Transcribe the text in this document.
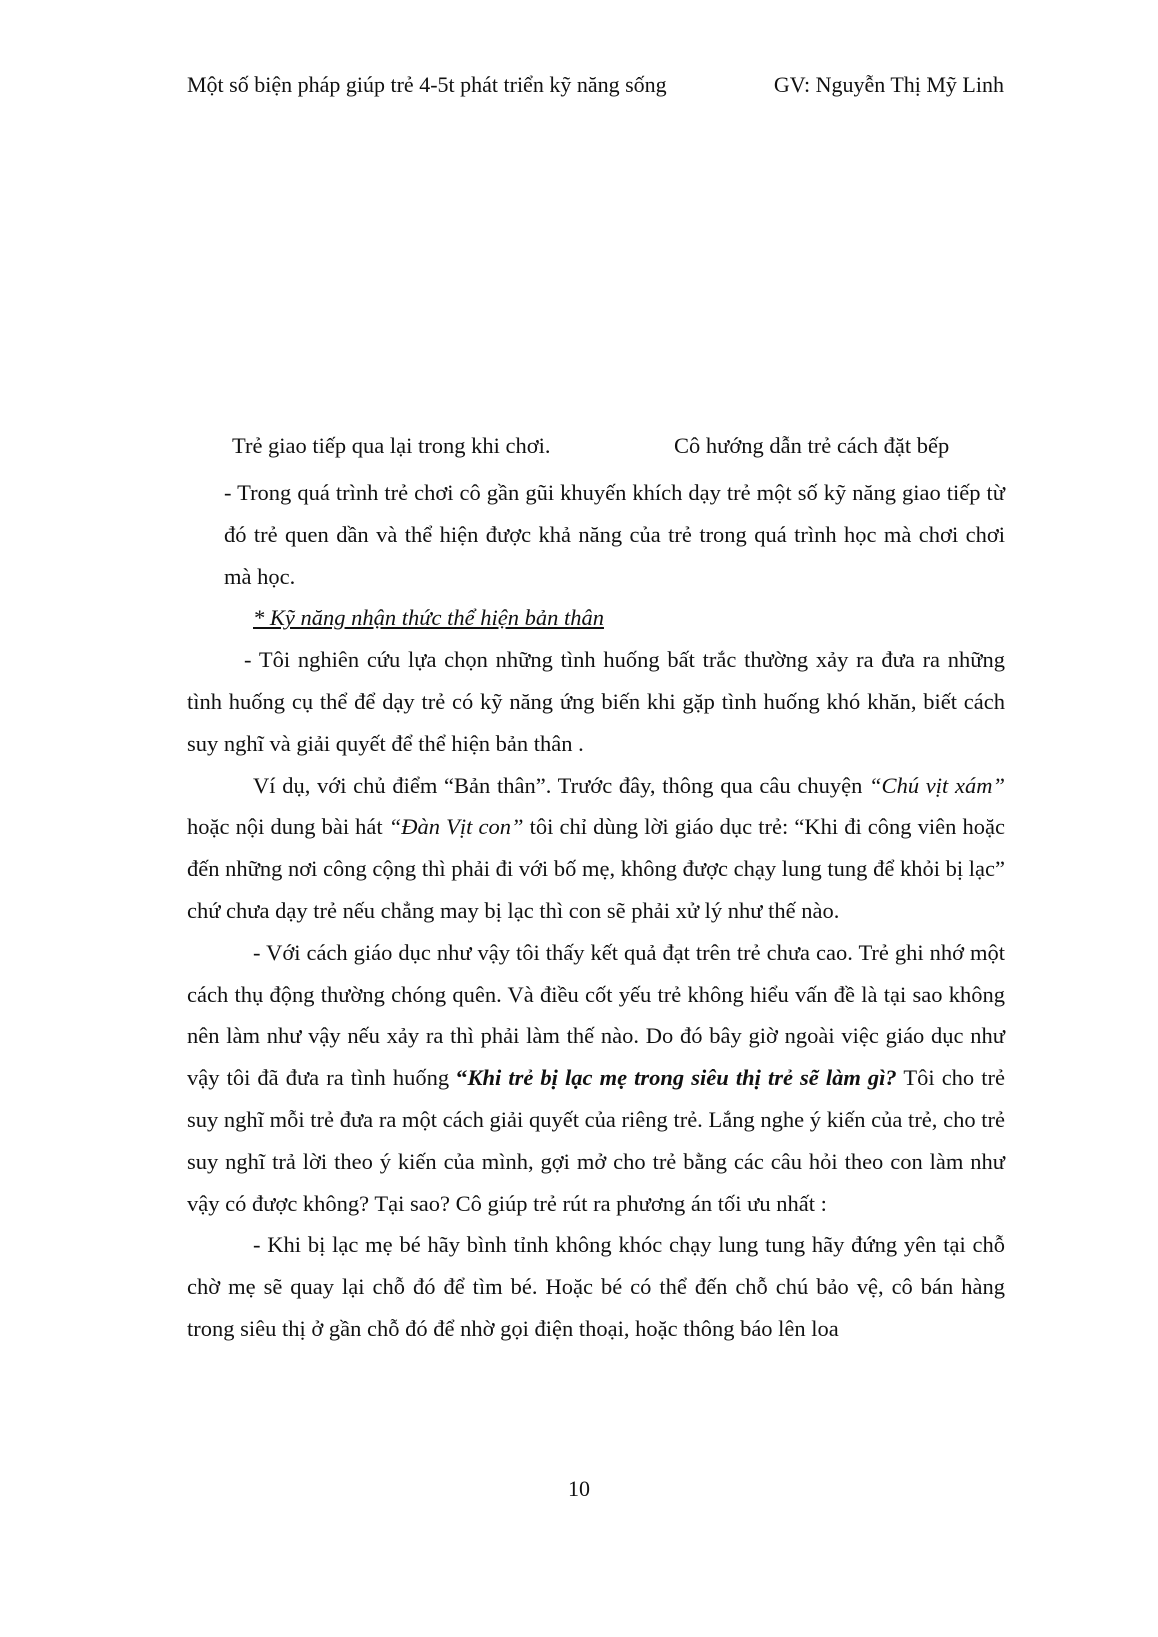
Một số biện pháp giúp trẻ 4-5t phát triển kỹ năng sống	GV: Nguyễn Thị Mỹ Linh
Trẻ giao tiếp qua lại trong khi chơi.	Cô hướng dẫn trẻ cách đặt bếp

- Trong quá trình trẻ chơi cô gần gũi khuyến khích dạy trẻ một số kỹ năng giao tiếp từ đó trẻ quen dần và thể hiện được khả năng của trẻ trong quá trình học mà chơi chơi mà học.

* Kỹ năng nhận thức thể hiện bản thân

- Tôi nghiên cứu lựa chọn những tình huống bất trắc thường xảy ra đưa ra những tình huống cụ thể để dạy trẻ có kỹ năng ứng biến khi gặp tình huống khó khăn, biết cách suy nghĩ và giải quyết để thể hiện bản thân .

Ví dụ, với chủ điểm “Bản thân”. Trước đây, thông qua câu chuyện “Chú vịt xám” hoặc nội dung bài hát “Đàn Vịt con” tôi chỉ dùng lời giáo dục trẻ: “Khi đi công viên hoặc đến những nơi công cộng thì phải đi với bố mẹ, không được chạy lung tung để khỏi bị lạc” chứ chưa dạy trẻ nếu chẳng may bị lạc thì con sẽ phải xử lý như thế nào.

- Với cách giáo dục như vậy tôi thấy kết quả đạt trên trẻ chưa cao. Trẻ ghi nhớ một cách thụ động thường chóng quên. Và điều cốt yếu trẻ không hiểu vấn đề là tại sao không nên làm như vậy nếu xảy ra thì phải làm thế nào. Do đó bây giờ ngoài việc giáo dục như vậy tôi đã đưa ra tình huống “Khi trẻ bị lạc mẹ trong siêu thị trẻ sẽ làm gì? Tôi cho trẻ suy nghĩ mỗi trẻ đưa ra một cách giải quyết của riêng trẻ. Lắng nghe ý kiến của trẻ, cho trẻ suy nghĩ trả lời theo ý kiến của mình, gợi mở cho trẻ bằng các câu hỏi theo con làm như vậy có được không? Tại sao? Cô giúp trẻ rút ra phương án tối ưu nhất :

- Khi bị lạc mẹ bé hãy bình tỉnh không khóc chạy lung tung hãy đứng yên tại chỗ chờ mẹ sẽ quay lại chỗ đó để tìm bé. Hoặc bé có thể đến chỗ chú bảo vệ, cô bán hàng trong siêu thị ở gần chỗ đó để nhờ gọi điện thoại, hoặc thông báo lên loa

10
